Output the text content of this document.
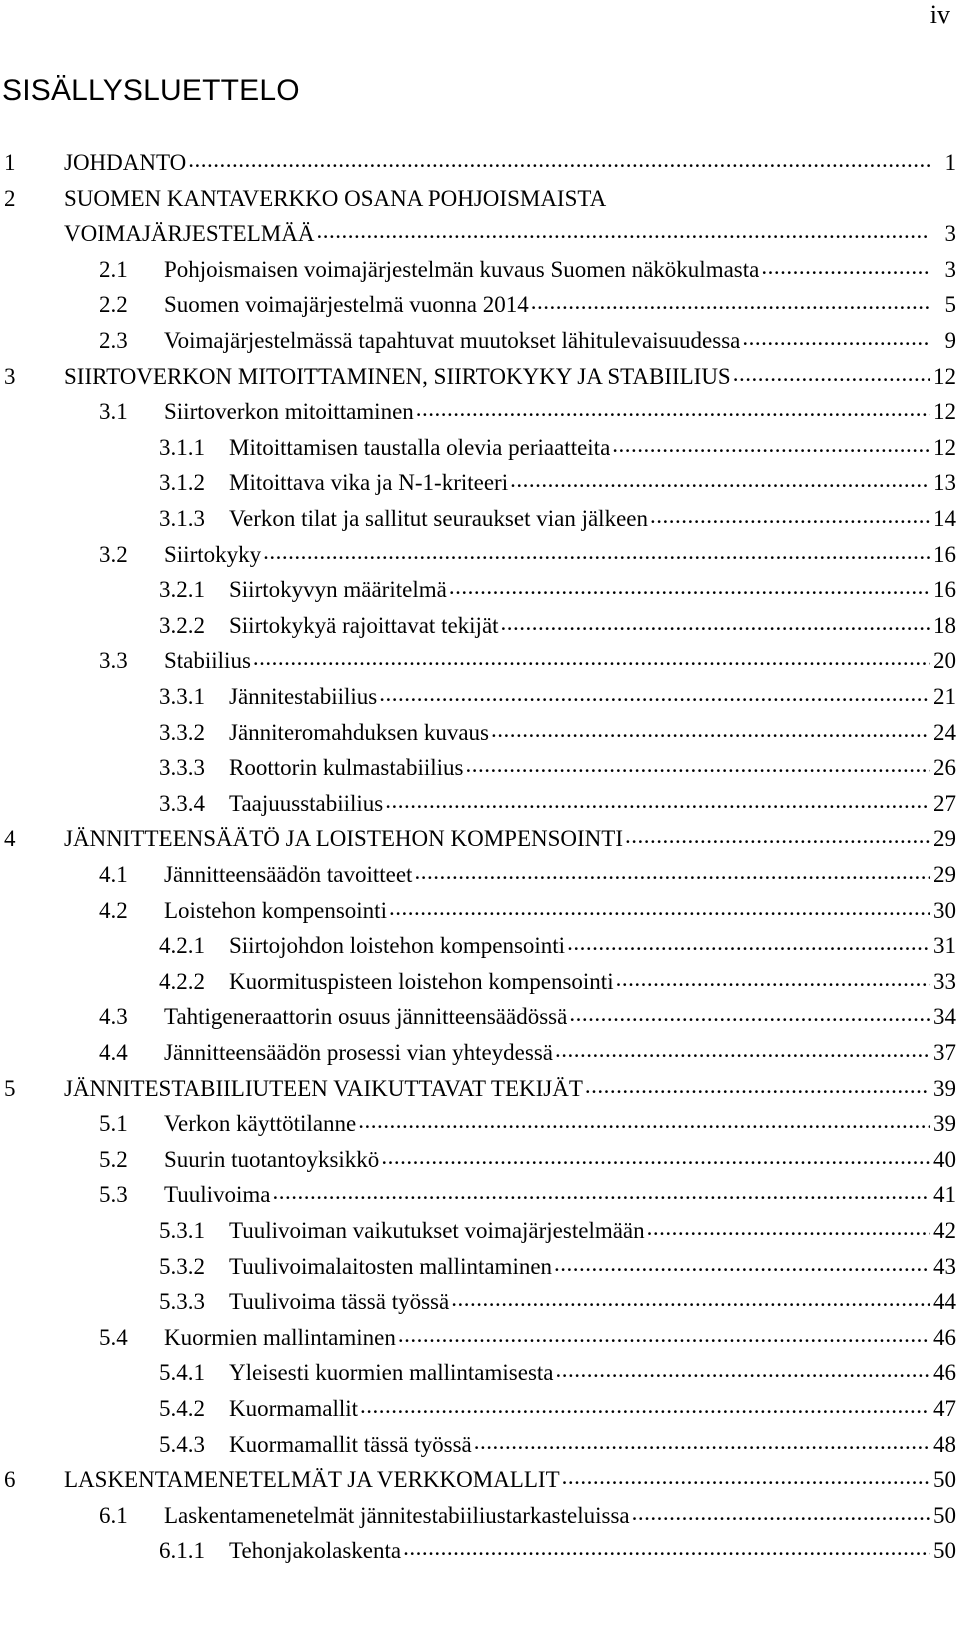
iv
SISÄLLYSLUETTELO
1	JOHDANTO .....	1
2	SUOMEN KANTAVERKKO OSANA POHJOISMAISTA
VOIMAJÄRJESTELMÄÄ .....	3
2.1	Pohjoismaisen voimajärjestelmän kuvaus Suomen näkökulmasta .....	3
2.2	Suomen voimajärjestelmä vuonna 2014 .....	5
2.3	Voimajärjestelmässä tapahtuvat muutokset lähitulevaisuudessa .....	9
3	SIIRTOVERKON MITOITTAMINEN, SIIRTOKYKY JA STABIILIUS .....	12
3.1	Siirtoverkon mitoittaminen .....	12
3.1.1	Mitoittamisen taustalla olevia periaatteita .....	12
3.1.2	Mitoittava vika ja N-1-kriteeri .....	13
3.1.3	Verkon tilat ja sallitut seuraukset vian jälkeen .....	14
3.2	Siirtokyky .....	16
3.2.1	Siirtokyvyn määritelmä .....	16
3.2.2	Siirtokykyä rajoittavat tekijät .....	18
3.3	Stabiilius .....	20
3.3.1	Jännitestabiilius .....	21
3.3.2	Jänniteromahduksen kuvaus .....	24
3.3.3	Roottorin kulmastabiilius .....	26
3.3.4	Taajuusstabiilius .....	27
4	JÄNNITTEENSÄÄTÖ JA LOISTEHON KOMPENSOINTI .....	29
4.1	Jännitteensäädön tavoitteet .....	29
4.2	Loistehon kompensointi .....	30
4.2.1	Siirtojohdon loistehon kompensointi .....	31
4.2.2	Kuormituspisteen loistehon kompensointi .....	33
4.3	Tahtigeneraattorin osuus jännitteensäädössä .....	34
4.4	Jännitteensäädön prosessi vian yhteydessä .....	37
5	JÄNNITESTABIILIUTEEN VAIKUTTAVAT TEKIJÄT .....	39
5.1	Verkon käyttötilanne .....	39
5.2	Suurin tuotantoyksikkö .....	40
5.3	Tuulivoima .....	41
5.3.1	Tuulivoiman vaikutukset voimajärjestelmään .....	42
5.3.2	Tuulivoimalaitosten mallintaminen .....	43
5.3.3	Tuulivoima tässä työssä .....	44
5.4	Kuormien mallintaminen .....	46
5.4.1	Yleisesti kuormien mallintamisesta .....	46
5.4.2	Kuormamallit .....	47
5.4.3	Kuormamallit tässä työssä .....	48
6	LASKENTAMENETELMÄT JA VERKKOMALLIT .....	50
6.1	Laskentamenetelmät jännitestabiiliustarkasteluissa .....	50
6.1.1	Tehonjakolaskenta .....	50
